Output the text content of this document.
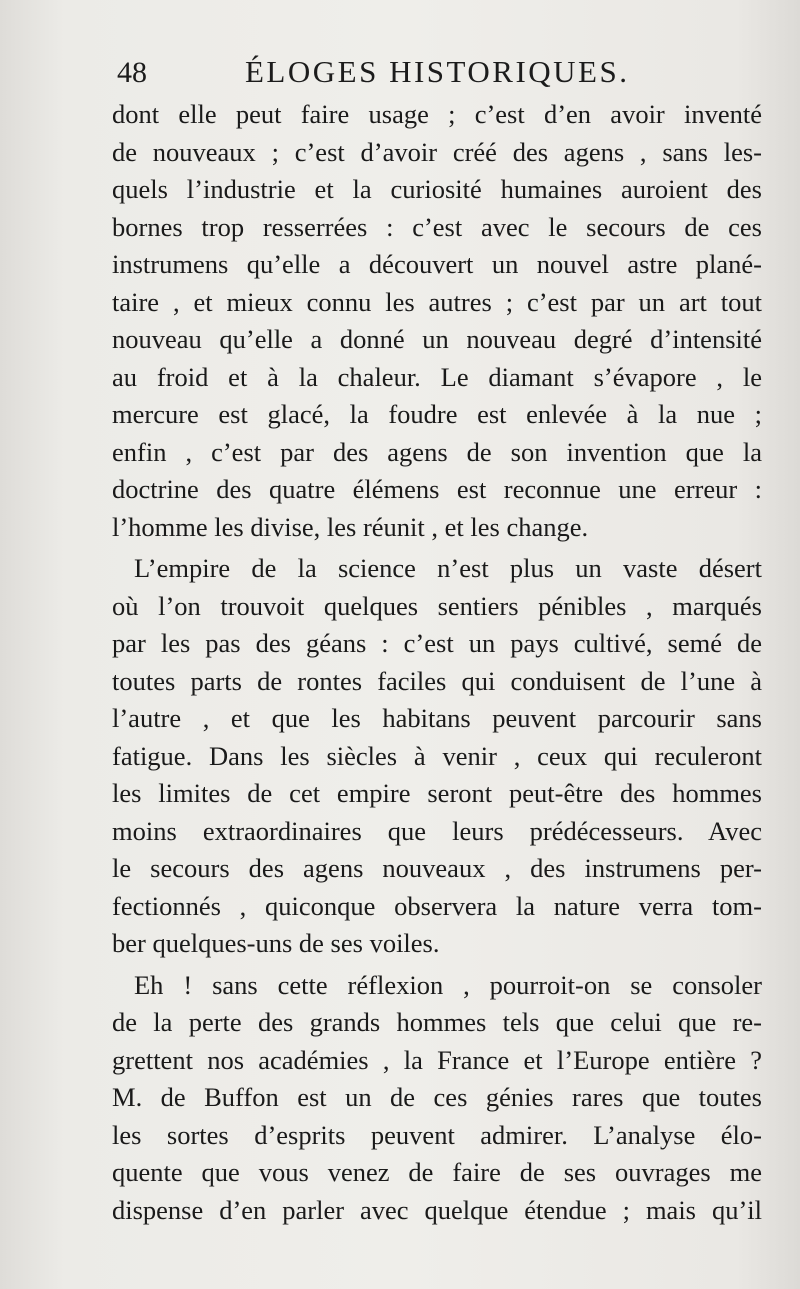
48	ÉLOGES HISTORIQUES.
dont elle peut faire usage ; c’est d’en avoir inventé
de nouveaux ; c’est d’avoir créé des agens , sans les-
quels l’industrie et la curiosité humaines auroient des
bornes trop resserrées : c’est avec le secours de ces
instrumens qu’elle a découvert un nouvel astre plané-
taire , et mieux connu les autres ; c’est par un art tout
nouveau qu’elle a donné un nouveau degré d’intensité
au froid et à la chaleur. Le diamant s’évapore , le
mercure est glacé, la foudre est enlevée à la nue ;
enfin , c’est par des agens de son invention que la
doctrine des quatre élémens est reconnue une erreur :
l’homme les divise, les réunit , et les change.
L’empire de la science n’est plus un vaste désert
où l’on trouvoit quelques sentiers pénibles , marqués
par les pas des géans : c’est un pays cultivé, semé de
toutes parts de rontes faciles qui conduisent de l’une à
l’autre , et que les habitans peuvent parcourir sans
fatigue. Dans les siècles à venir , ceux qui reculeront
les limites de cet empire seront peut-être des hommes
moins extraordinaires que leurs prédécesseurs. Avec
le secours des agens nouveaux , des instrumens per-
fectionnés , quiconque observera la nature verra tom-
ber quelques-uns de ses voiles.
Eh ! sans cette réflexion , pourroit-on se consoler
de la perte des grands hommes tels que celui que re-
grettent nos académies , la France et l’Europe entière ?
M. de Buffon est un de ces génies rares que toutes
les sortes d’esprits peuvent admirer. L’analyse élo-
quente que vous venez de faire de ses ouvrages me
dispense d’en parler avec quelque étendue ; mais qu’il
